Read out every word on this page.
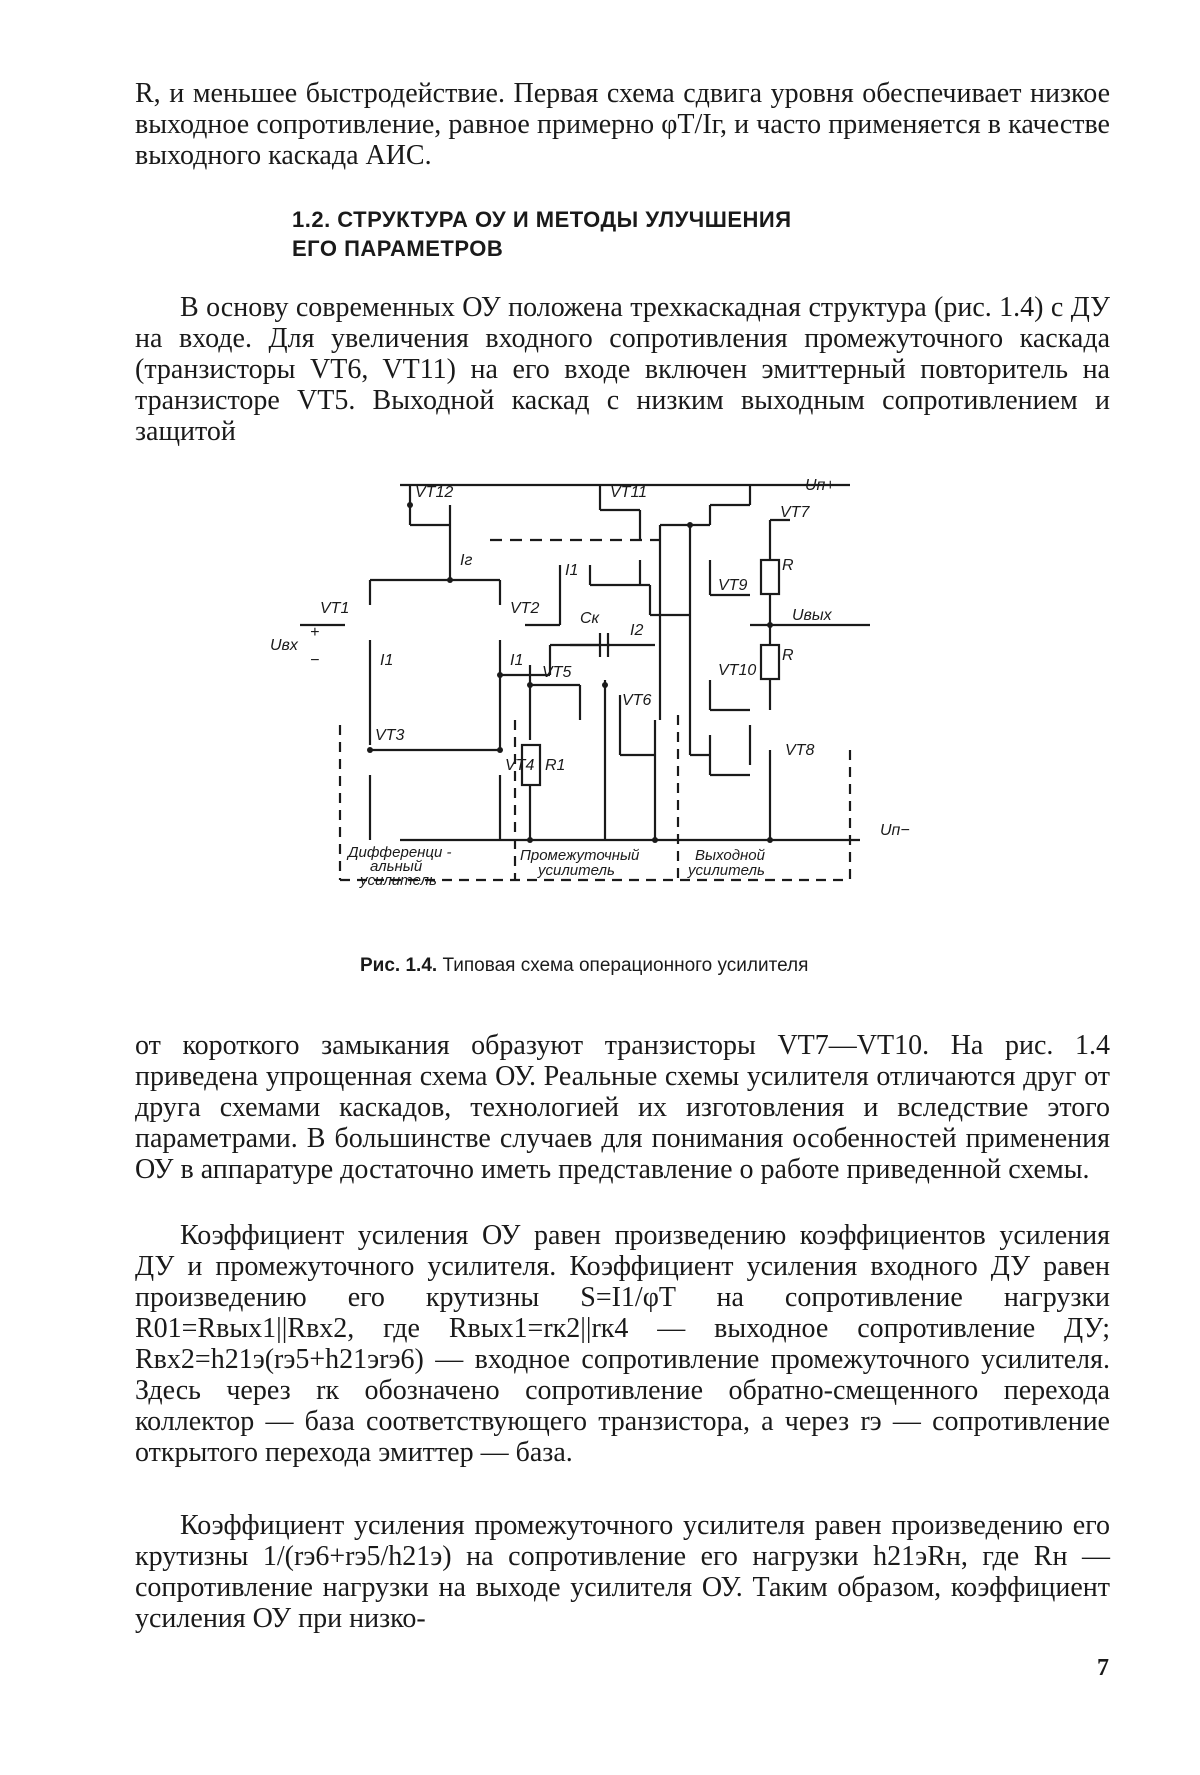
R, и меньшее быстродействие. Первая схема сдвига уровня обеспечивает низкое выходное сопротивление, равное примерно φT/Iг, и часто применяется в качестве выходного каскада АИС.

1.2. СТРУКТУРА ОУ И МЕТОДЫ УЛУЧШЕНИЯ
ЕГО ПАРАМЕТРОВ

В основу современных ОУ положена трехкаскадная структура (рис. 1.4) с ДУ на входе. Для увеличения входного сопротивления промежуточного каскада (транзисторы VT6, VT11) на его входе включен эмиттерный повторитель на транзисторе VT5. Выходной каскад с низким выходным сопротивлением и защитой

VT12	VT11
VT7
VT1	VT2
VT9
VT5
VT6
VT10
VT3
VT4
VT8
Uп+
Uп−
Uвх
+
−
Uвых
Iг
I1
I1	I1
I2
Cк
R
R
R1
Дифференци -
альный
усилитель
Промежуточный
усилитель
Выходной
усилитель
Рис. 1.4. Типовая схема операционного усилителя

от короткого замыкания образуют транзисторы VT7—VT10. На рис. 1.4 приведена упрощенная схема ОУ. Реальные схемы усилителя отличаются друг от друга схемами каскадов, технологией их изготовления и вследствие этого параметрами. В большинстве случаев для понимания особенностей применения ОУ в аппаратуре достаточно иметь представление о работе приведенной схемы.

Коэффициент усиления ОУ равен произведению коэффициентов усиления ДУ и промежуточного усилителя. Коэффициент усиления входного ДУ равен произведению его крутизны S=I1/φT на сопротивление нагрузки R01=Rвых1||Rвх2, где Rвых1=rк2||rк4 — выходное сопротивление ДУ; Rвх2=h21э(rэ5+h21эrэ6) — входное сопротивление промежуточного усилителя. Здесь через rк обозначено сопротивление обратно-смещенного перехода коллектор — база соответствующего транзистора, а через rэ — сопротивление открытого перехода эмиттер — база.

Коэффициент усиления промежуточного усилителя равен произведению его крутизны 1/(rэ6+rэ5/h21э) на сопротивление его нагрузки h21эRн, где Rн — сопротивление нагрузки на выходе усилителя ОУ. Таким образом, коэффициент усиления ОУ при низко-

7
